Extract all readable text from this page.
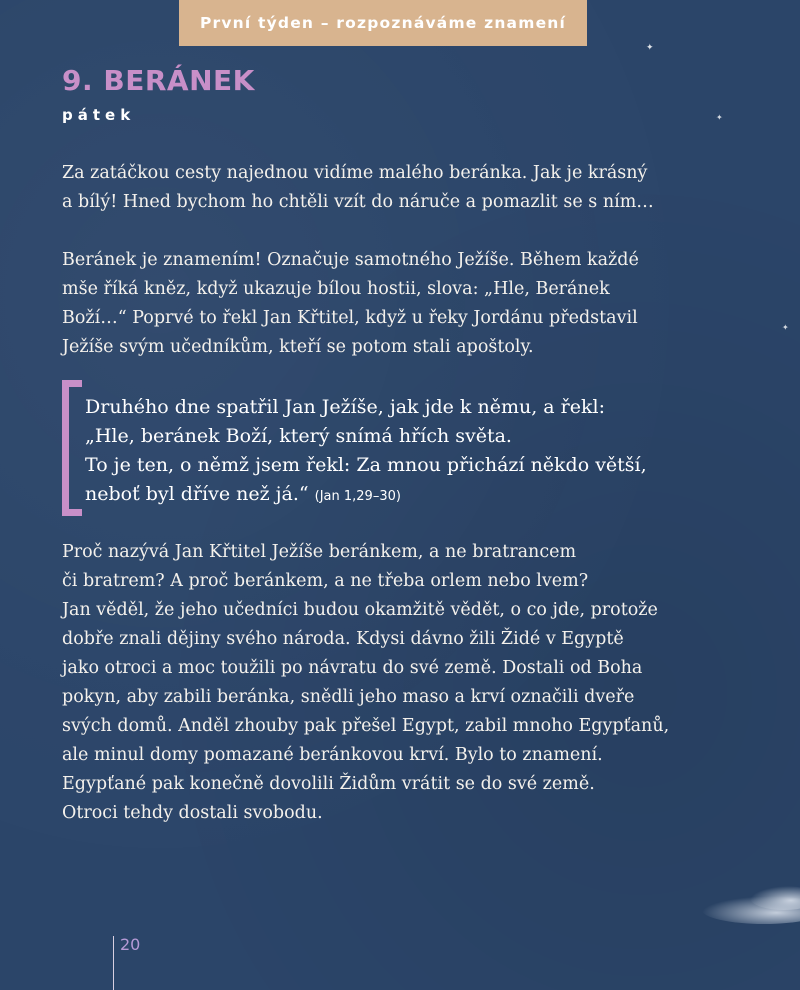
První týden – rozpoznáváme znamení
9. BERÁNEK
pátek

Za zatáčkou cesty najednou vidíme malého beránka. Jak je krásný
a bílý! Hned bychom ho chtěli vzít do náruče a pomazlit se s ním…

Beránek je znamením! Označuje samotného Ježíše. Během každé
mše říká kněz, když ukazuje bílou hostii, slova: „Hle, Beránek
Boží…“ Poprvé to řekl Jan Křtitel, když u řeky Jordánu představil
Ježíše svým učedníkům, kteří se potom stali apoštoly.

Druhého dne spatřil Jan Ježíše, jak jde k němu, a řekl:
„Hle, beránek Boží, který snímá hřích světa.
To je ten, o němž jsem řekl: Za mnou přichází někdo větší,
neboť byl dříve než já.“ (Jan 1,29–30)

Proč nazývá Jan Křtitel Ježíše beránkem, a ne bratrancem
či bratrem? A proč beránkem, a ne třeba orlem nebo lvem?
Jan věděl, že jeho učedníci budou okamžitě vědět, o co jde, protože
dobře znali dějiny svého národa. Kdysi dávno žili Židé v Egyptě
jako otroci a moc toužili po návratu do své země. Dostali od Boha
pokyn, aby zabili beránka, snědli jeho maso a krví označili dveře
svých domů. Anděl zhouby pak přešel Egypt, zabil mnoho Egypťanů,
ale minul domy pomazané beránkovou krví. Bylo to znamení.
Egypťané pak konečně dovolili Židům vrátit se do své země.
Otroci tehdy dostali svobodu.

20
✦
✦
✦
